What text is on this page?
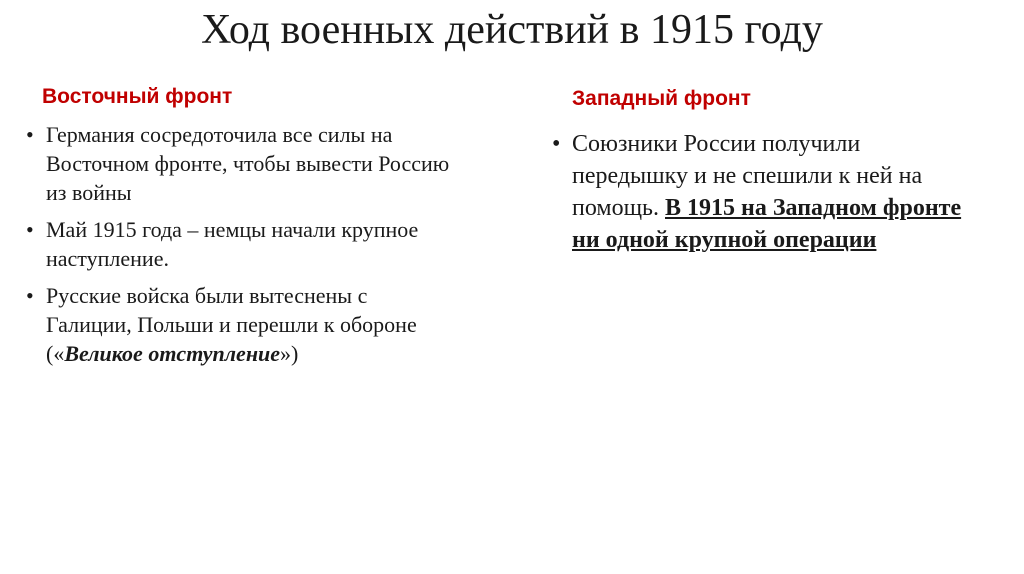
Ход военных действий в 1915 году
Восточный фронт	Западный фронт
• Германия сосредоточила все силы на Восточном фронте, чтобы вывести Россию из войны
• Май 1915 года – немцы начали крупное наступление.
• Русские войска были вытеснены с Галиции, Польши и перешли к обороне («Великое отступление»)
• Союзники России получили передышку и не спешили к ней на помощь. В 1915 на Западном фронте ни одной крупной операции
